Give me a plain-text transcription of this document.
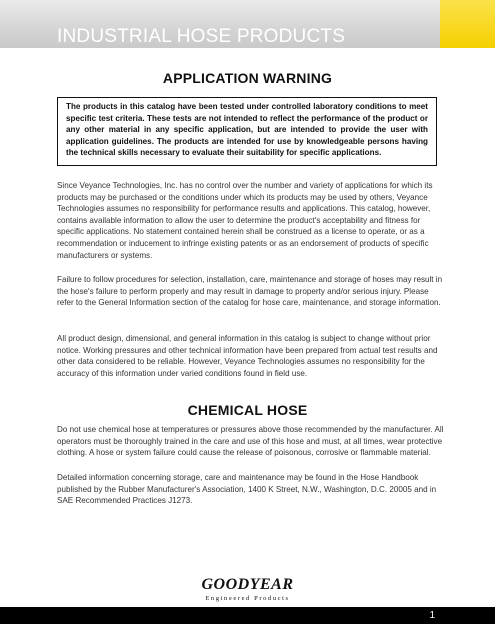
INDUSTRIAL HOSE PRODUCTS
APPLICATION WARNING
The products in this catalog have been tested under controlled laboratory conditions to meet specific test criteria. These tests are not intended to reflect the performance of the product or any other material in any specific application, but are intended to provide the user with application guidelines. The products are intended for use by knowledgeable persons having the technical skills necessary to evaluate their suitability for specific applications.

Since Veyance Technologies, Inc. has no control over the number and variety of applications for which its products may be purchased or the conditions under which its products may be used by others, Veyance Technologies assumes no responsibility for performance results and applications. This catalog, however, contains available information to allow the user to determine the product's acceptability and fitness for specific applications. No statement contained herein shall be construed as a license to operate, or as a recommendation or inducement to infringe existing patents or as an endorsement of products of specific manufacturers or systems.

Failure to follow procedures for selection, installation, care, maintenance and storage of hoses may result in the hose's failure to perform properly and may result in damage to property and/or serious injury. Please refer to the General Information section of the catalog for hose care, maintenance, and storage information.

All product design, dimensional, and general information in this catalog is subject to change without prior notice. Working pressures and other technical information have been prepared from actual test results and other data considered to be reliable. However, Veyance Technologies assumes no responsibility for the accuracy of this information under varied conditions found in field use.

CHEMICAL HOSE

Do not use chemical hose at temperatures or pressures above those recommended by the manufacturer. All operators must be thoroughly trained in the care and use of this hose and must, at all times, wear protective clothing. A hose or system failure could cause the release of poisonous, corrosive or flammable material.

Detailed information concerning storage, care and maintenance may be found in the Hose Handbook published by the Rubber Manufacturer's Association, 1400 K Street, N.W., Washington, D.C. 20005 and in SAE Recommended Practices J1273.

GOODYEAR
Engineered Products
1
